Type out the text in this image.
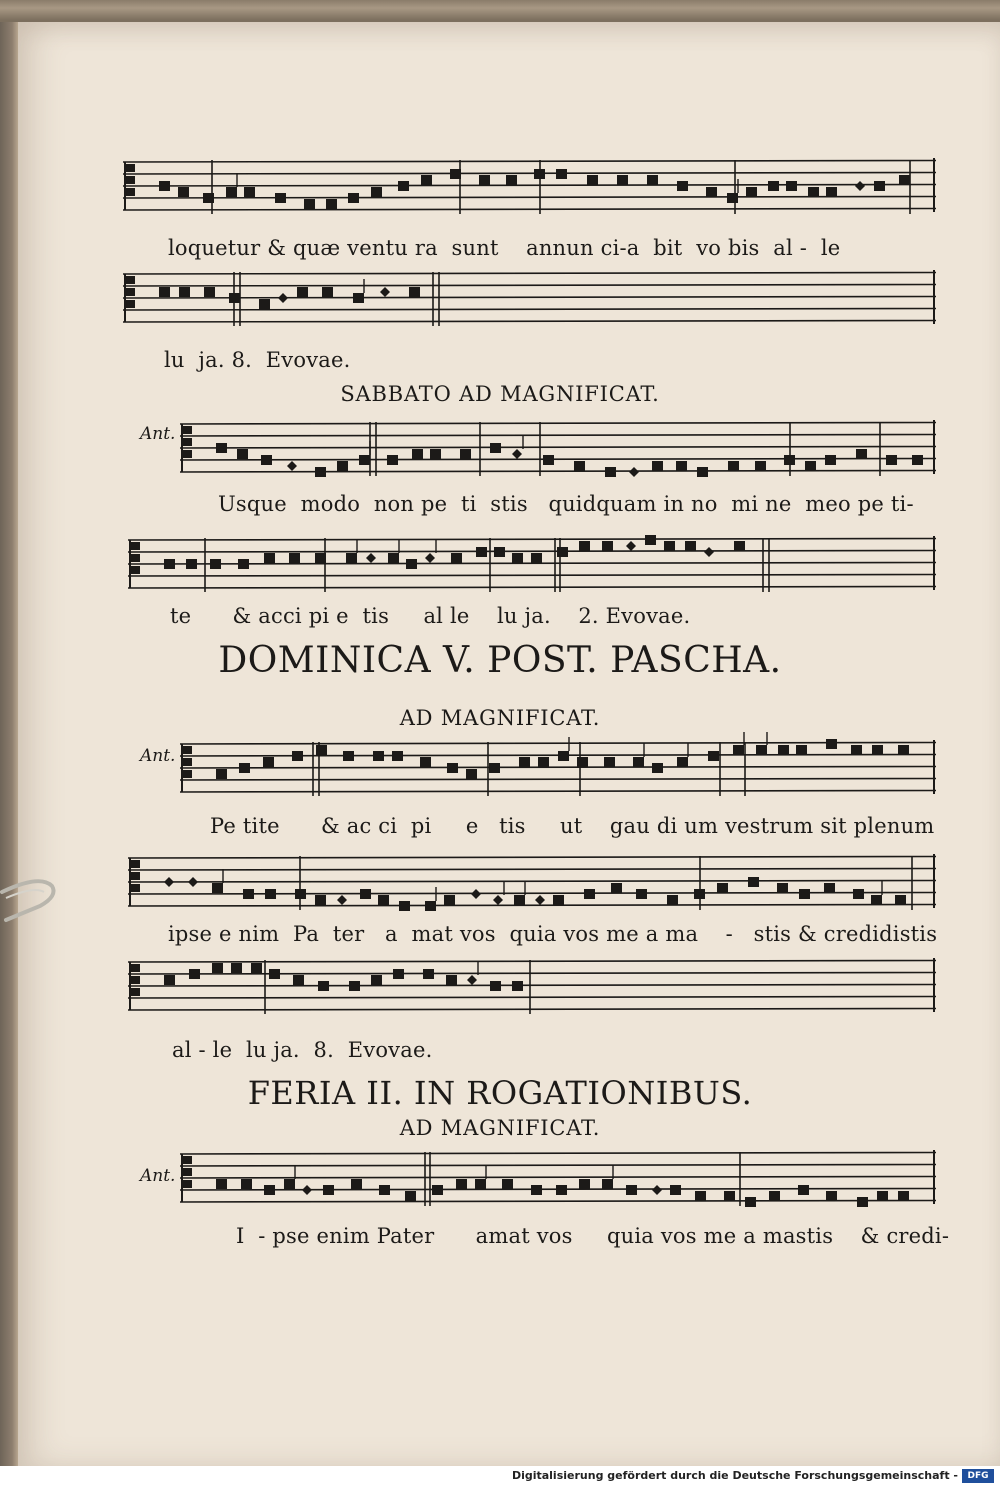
loquetur & quæ ventu ra  sunt    annun ci-a  bit  vo bis  al -  le
lu  ja. 8.  Evovae.
SABBATO AD MAGNIFICAT.
Ant.
Usque  modo  non pe  ti  stis   quidquam in no  mi ne  meo pe ti-
te      & acci pi e  tis     al le    lu ja.    2. Evovae.
DOMINICA V. POST. PASCHA.
AD MAGNIFICAT.
Ant.
Pe tite      & ac ci  pi     e   tis     ut    gau di um vestrum sit plenum
ipse e nim  Pa  ter   a  mat vos  quia vos me a ma    -   stis & credidistis
al - le  lu ja.  8.  Evovae.
FERIA II. IN ROGATIONIBUS.
AD MAGNIFICAT.
Ant.
I  - pse enim Pater      amat vos     quia vos me a mastis    & credi-
Digitalisierung gefördert durch die Deutsche Forschungsgemeinschaft -	DFG
